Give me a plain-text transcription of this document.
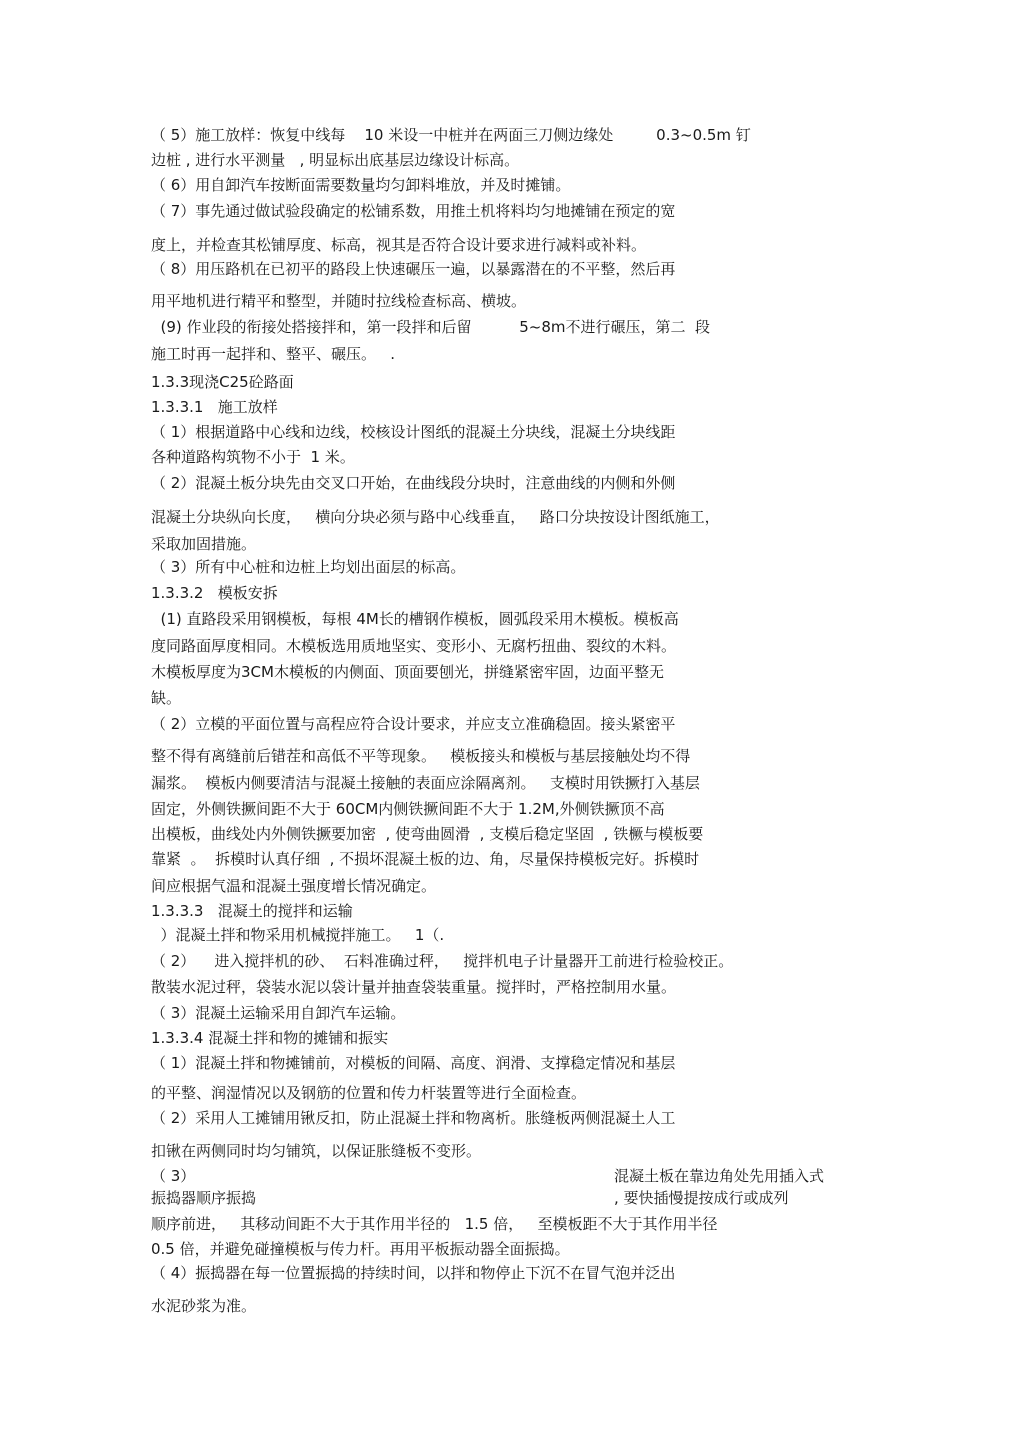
（ 5）施工放样：恢复中线每    10 米设一中桩并在两面三刀侧边缘处         0.3~0.5m 钉
边桩 , 进行水平测量   , 明显标出底基层边缘设计标高。
（ 6）用自卸汽车按断面需要数量均匀卸料堆放，并及时摊铺。
（ 7）事先通过做试验段确定的松铺系数，用推土机将料均匀地摊铺在预定的宽
度上，并检查其松铺厚度、标高，视其是否符合设计要求进行减料或补料。
（ 8）用压路机在已初平的路段上快速碾压一遍，以暴露潜在的不平整，然后再
用平地机进行精平和整型，并随时拉线检查标高、横坡。
(9) 作业段的衔接处搭接拌和，第一段拌和后留          5~8m不进行碾压，第二  段
施工时再一起拌和、整平、碾压。   .
1.3.3现浇C25砼路面
1.3.3.1   施工放样
（ 1）根据道路中心线和边线，校核设计图纸的混凝土分块线，混凝土分块线距
各种道路构筑物不小于  1 米。
（ 2）混凝土板分块先由交叉口开始，在曲线段分块时，注意曲线的内侧和外侧
混凝土分块纵向长度，   横向分块必须与路中心线垂直，   路口分块按设计图纸施工，
采取加固措施。
（ 3）所有中心桩和边桩上均划出面层的标高。
1.3.3.2   模板安拆
(1) 直路段采用钢模板，每根 4M长的槽钢作模板，圆弧段采用木模板。模板高
度同路面厚度相同。木模板选用质地坚实、变形小、无腐朽扭曲、裂纹的木料。
木模板厚度为3CM木模板的内侧面、顶面要刨光，拼缝紧密牢固，边面平整无
缺。
（ 2）立模的平面位置与高程应符合设计要求，并应支立准确稳固。接头紧密平
整不得有离缝前后错茬和高低不平等现象。   模板接头和模板与基层接触处均不得
漏浆。  模板内侧要清洁与混凝土接触的表面应涂隔离剂。   支模时用铁撅打入基层
固定，外侧铁撅间距不大于 60CM内侧铁撅间距不大于 1.2M,外侧铁撅顶不高
出模板，曲线处内外侧铁撅要加密  , 使弯曲圆滑  , 支模后稳定坚固  , 铁橛与模板要
靠紧  。  拆模时认真仔细  , 不损坏混凝土板的边、角，尽量保持模板完好。拆模时
间应根据气温和混凝土强度增长情况确定。
1.3.3.3   混凝土的搅拌和运输
）混凝土拌和物采用机械搅拌施工。   1（.
（ 2）    进入搅拌机的砂、  石料准确过秤，   搅拌机电子计量器开工前进行检验校正。
散装水泥过秤，袋装水泥以袋计量并抽查袋装重量。搅拌时，严格控制用水量。
（ 3）混凝土运输采用自卸汽车运输。
1.3.3.4 混凝土拌和物的摊铺和振实
（ 1）混凝土拌和物摊铺前，对模板的间隔、高度、润滑、支撑稳定情况和基层
的平整、润湿情况以及钢筋的位置和传力杆装置等进行全面检查。
（ 2）采用人工摊铺用锹反扣，防止混凝土拌和物离析。胀缝板两侧混凝土人工
扣锹在两侧同时均匀铺筑，以保证胀缝板不变形。
（ 3）	混凝土板在靠边角处先用插入式
振捣器顺序振捣	, 要快插慢提按成行或成列
顺序前进，   其移动间距不大于其作用半径的   1.5 倍，   至模板距不大于其作用半径
0.5 倍，并避免碰撞模板与传力杆。再用平板振动器全面振捣。
（ 4）振捣器在每一位置振捣的持续时间，以拌和物停止下沉不在冒气泡并泛出
水泥砂浆为准。
